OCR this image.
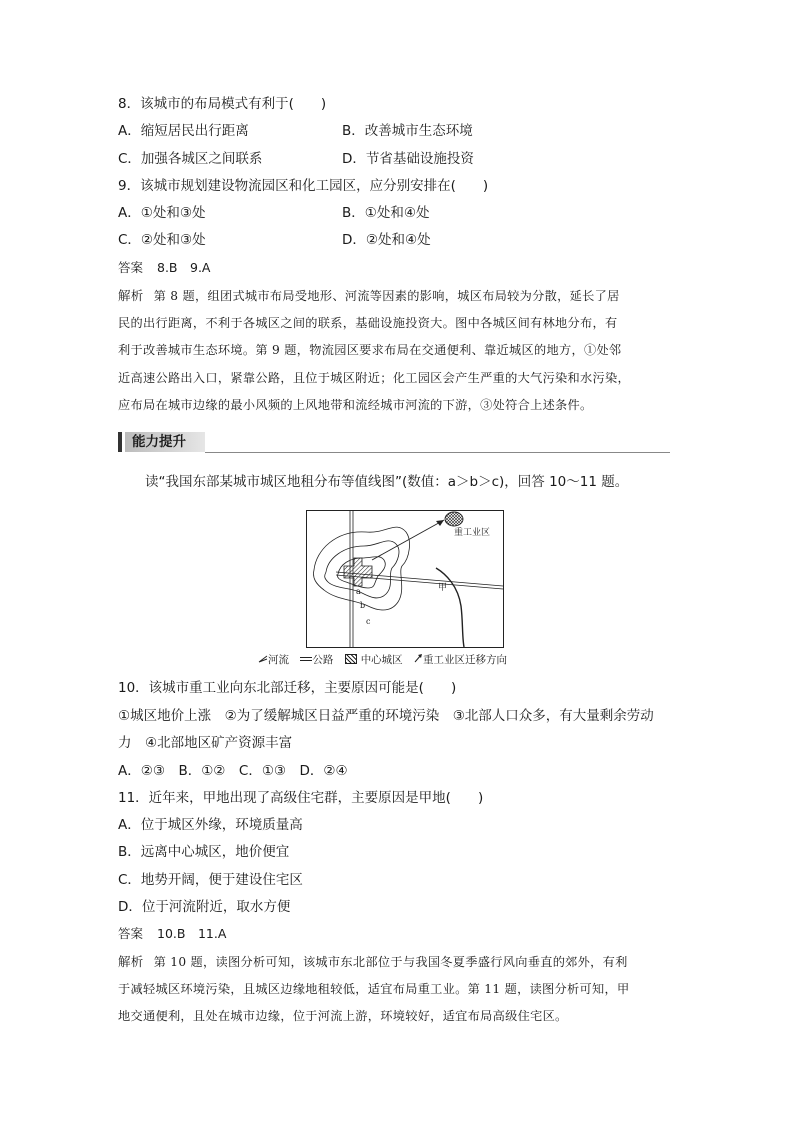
8．该城市的布局模式有利于(　　)
A．缩短居民出行距离	B．改善城市生态环境
C．加强各城区之间联系	D．节省基础设施投资
9．该城市规划建设物流园区和化工园区，应分别安排在(　　)
A．①处和③处	B．①处和④处
C．②处和③处	D．②处和④处
答案 8.B　9.A
解析 第 8 题，组团式城市布局受地形、河流等因素的影响，城区布局较为分散，延长了居
民的出行距离，不利于各城区之间的联系，基础设施投资大。图中各城区间有林地分布，有
利于改善城市生态环境。第 9 题，物流园区要求布局在交通便利、靠近城区的地方，①处邻
近高速公路出入口，紧靠公路，且位于城区附近；化工园区会产生严重的大气污染和水污染，
应布局在城市边缘的最小风频的上风地带和流经城市河流的下游，③处符合上述条件。
能力提升
读“我国东部某城市城区地租分布等值线图”(数值：a＞b＞c)，回答 10～11 题。
重工业区
甲
a
b
c
河流 公路	中心城区 重工业区迁移方向
10．该城市重工业向东北部迁移，主要原因可能是(　　)
①城区地价上涨　②为了缓解城区日益严重的环境污染　③北部人口众多，有大量剩余劳动
力　④北部地区矿产资源丰富
A．②③　B．①②　C．①③　D．②④
11．近年来，甲地出现了高级住宅群，主要原因是甲地(　　)
A．位于城区外缘，环境质量高
B．远离中心城区，地价便宜
C．地势开阔，便于建设住宅区
D．位于河流附近，取水方便
答案 10.B　11.A
解析 第 10 题，读图分析可知，该城市东北部位于与我国冬夏季盛行风向垂直的郊外，有利
于减轻城区环境污染，且城区边缘地租较低，适宜布局重工业。第 11 题，读图分析可知，甲
地交通便利，且处在城市边缘，位于河流上游，环境较好，适宜布局高级住宅区。
